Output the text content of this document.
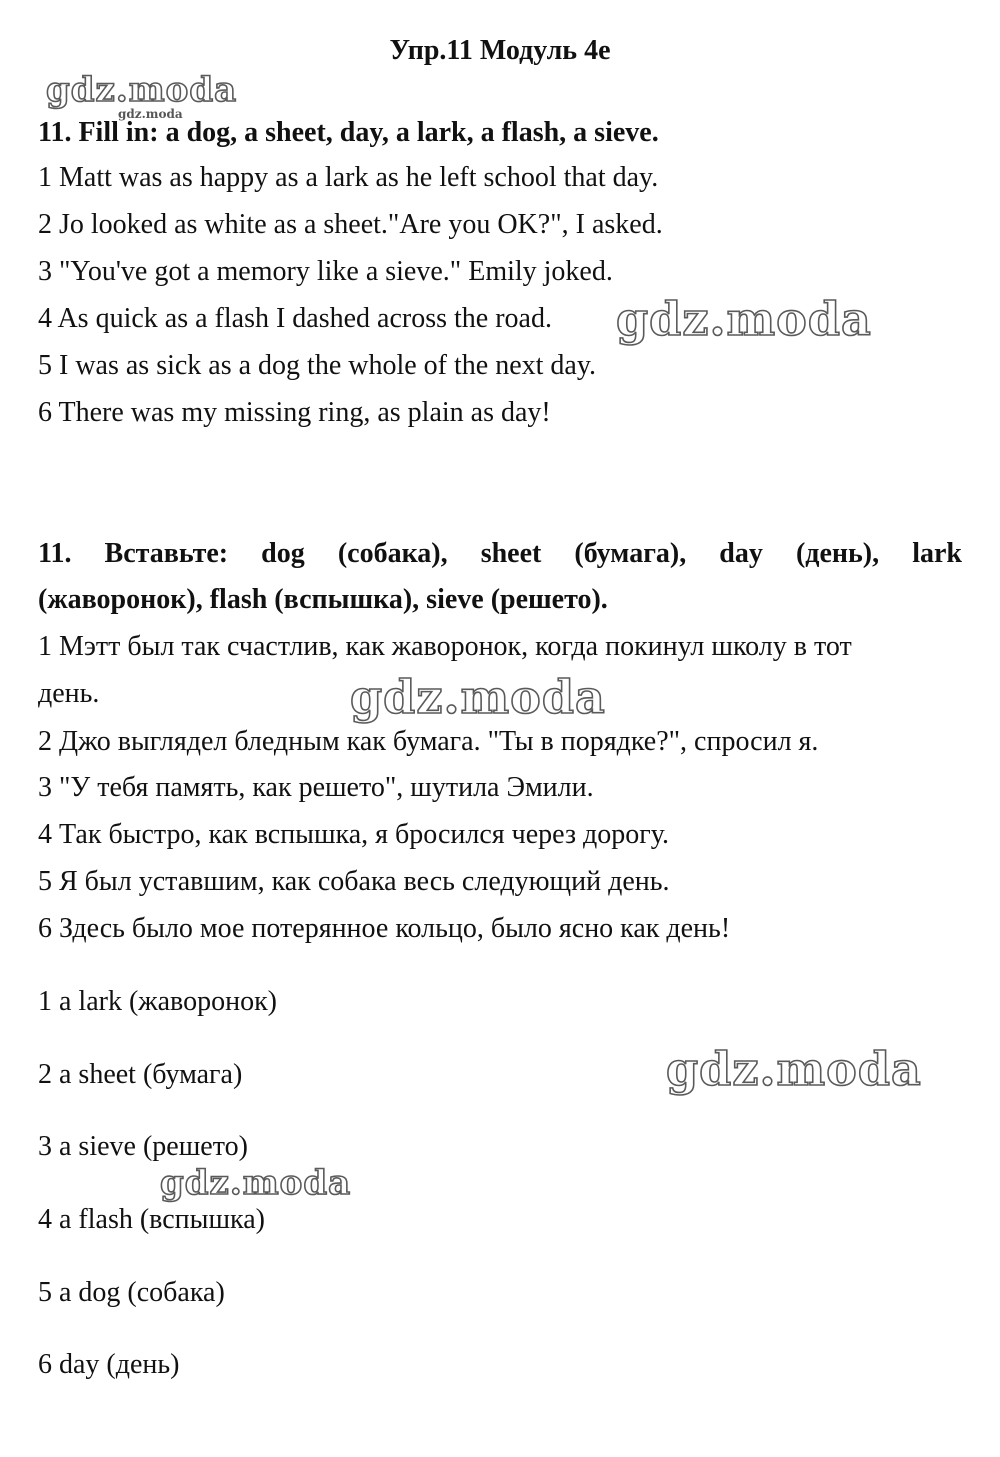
Упр.11 Модуль 4e
11. Fill in: a dog, a sheet, day, a lark, a flash, a sieve.
1 Matt was as happy as a lark as he left school that day.
2 Jo looked as white as a sheet."Are you OK?", I asked.
3 "You've got a memory like a sieve." Emily joked.
4 As quick as a flash I dashed across the road.
5 I was as sick as a dog the whole of the next day.
6 There was my missing ring, as plain as day!
11. Вставьте: dog (собака), sheet (бумага), day (день), lark
(жаворонок), flash (вспышка), sieve (решето).
1 Мэтт был так счастлив, как жаворонок, когда покинул школу в тот
день.
2 Джо выглядел бледным как бумага. "Ты в порядке?", спросил я.
3 "У тебя память, как решето", шутила Эмили.
4 Так быстро, как вспышка, я бросился через дорогу.
5 Я был уставшим, как собака весь следующий день.
6 Здесь было мое потерянное кольцо, было ясно как день!
1 a lark (жаворонок)
2 a sheet (бумага)
3 a sieve (решето)
4 a flash (вспышка)
5 a dog (собака)
6 day (день)
gdz.moda
gdz.moda
gdz.moda
gdz.moda
gdz.moda
gdz.moda
